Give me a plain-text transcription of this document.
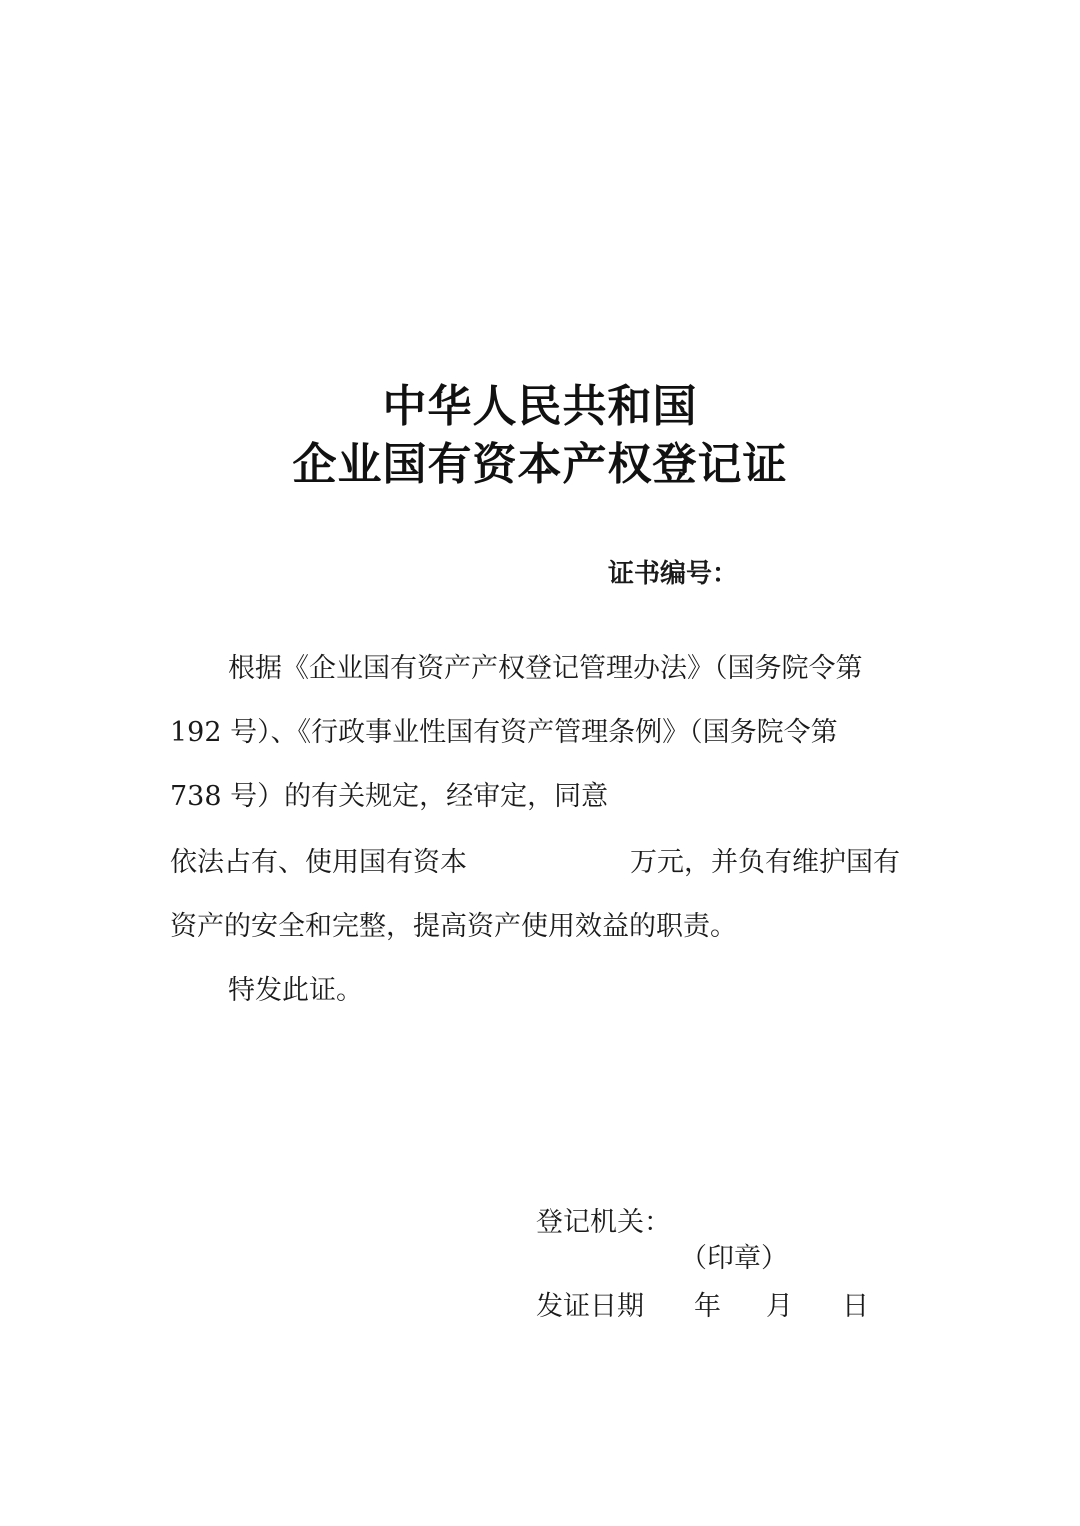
中华人民共和国
企业国有资本产权登记证
证书编号：
根据《企业国有资产产权登记管理办法》（国务院令第
192 号）、《行政事业性国有资产管理条例》（国务院令第
738 号）的有关规定，经审定，同意
依法占有、使用国有资本	万元，并负有维护国有
资产的安全和完整，提高资产使用效益的职责。
特发此证。
登记机关：
（印章）
发证日期 年 月 日
